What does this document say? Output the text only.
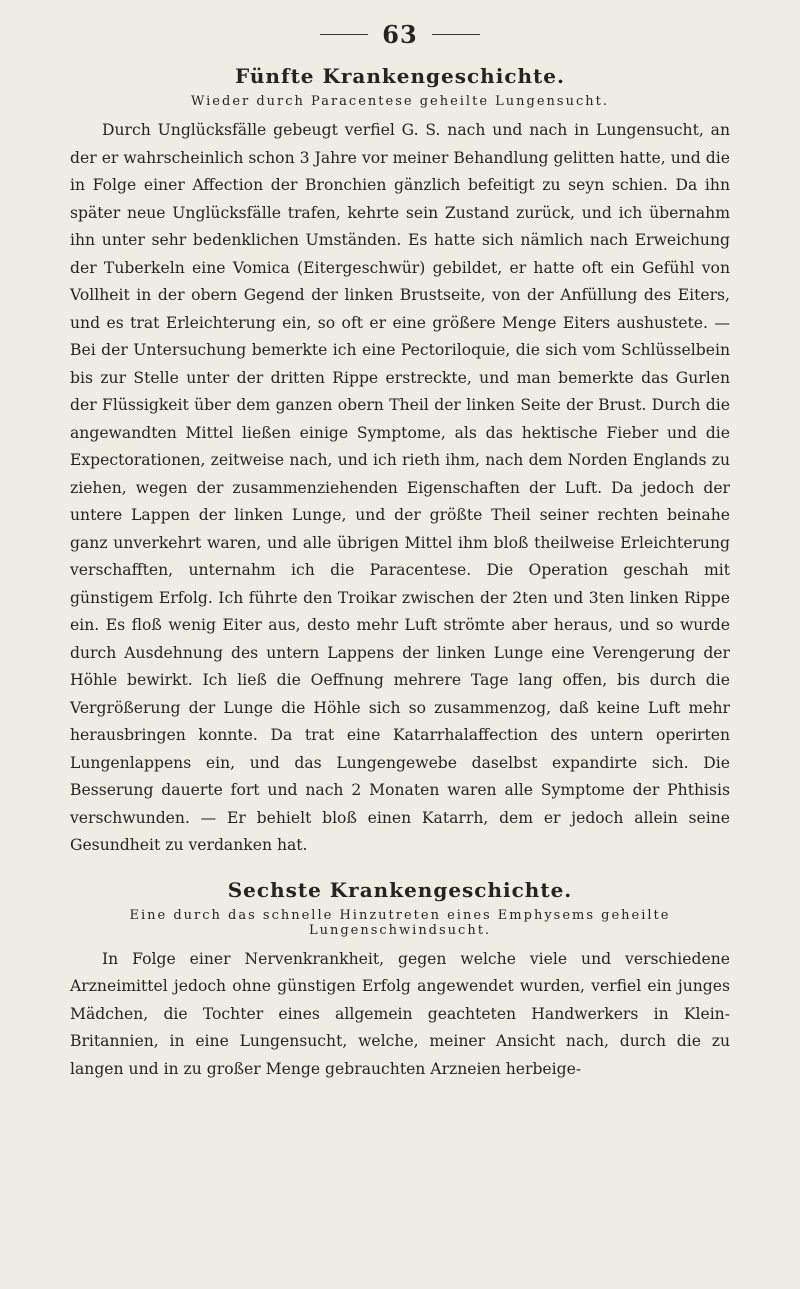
63
Fünfte Krankengeschichte.

Wieder durch Paracentese geheilte Lungensucht.

Durch Unglücksfälle gebeugt verfiel G. S. nach und nach in Lungensucht, an der er wahrscheinlich schon 3 Jahre vor meiner Behandlung gelitten hatte, und die in Folge einer Affection der Bronchien gänzlich befeitigt zu seyn schien. Da ihn später neue Unglücksfälle trafen, kehrte sein Zustand zurück, und ich übernahm ihn unter sehr bedenklichen Umständen. Es hatte sich nämlich nach Erweichung der Tuberkeln eine Vomica (Eitergeschwür) gebildet, er hatte oft ein Gefühl von Vollheit in der obern Gegend der linken Brustseite, von der Anfüllung des Eiters, und es trat Erleichterung ein, so oft er eine größere Menge Eiters aushustete. — Bei der Untersuchung bemerkte ich eine Pectoriloquie, die sich vom Schlüsselbein bis zur Stelle unter der dritten Rippe erstreckte, und man bemerkte das Gurlen der Flüssigkeit über dem ganzen obern Theil der linken Seite der Brust. Durch die angewandten Mittel ließen einige Symptome, als das hektische Fieber und die Expectorationen, zeitweise nach, und ich rieth ihm, nach dem Norden Englands zu ziehen, wegen der zusammenziehenden Eigenschaften der Luft. Da jedoch der untere Lappen der linken Lunge, und der größte Theil seiner rechten beinahe ganz unverkehrt waren, und alle übrigen Mittel ihm bloß theilweise Erleichterung verschafften, unternahm ich die Paracentese. Die Operation geschah mit günstigem Erfolg. Ich führte den Troikar zwischen der 2ten und 3ten linken Rippe ein. Es floß wenig Eiter aus, desto mehr Luft strömte aber heraus, und so wurde durch Ausdehnung des untern Lappens der linken Lunge eine Verengerung der Höhle bewirkt. Ich ließ die Oeffnung mehrere Tage lang offen, bis durch die Vergrößerung der Lunge die Höhle sich so zusammenzog, daß keine Luft mehr herausbringen konnte. Da trat eine Katarrhalaffection des untern operirten Lungenlappens ein, und das Lungengewebe daselbst expandirte sich. Die Besserung dauerte fort und nach 2 Monaten waren alle Symptome der Phthisis verschwunden. — Er behielt bloß einen Katarrh, dem er jedoch allein seine Gesundheit zu verdanken hat.

Sechste Krankengeschichte.

Eine durch das schnelle Hinzutreten eines Emphysems geheilte Lungenschwindsucht.

In Folge einer Nervenkrankheit, gegen welche viele und verschiedene Arzneimittel jedoch ohne günstigen Erfolg angewendet wurden, verfiel ein junges Mädchen, die Tochter eines allgemein geachteten Handwerkers in Klein-Britannien, in eine Lungensucht, welche, meiner Ansicht nach, durch die zu langen und in zu großer Menge gebrauchten Arzneien herbeige-
